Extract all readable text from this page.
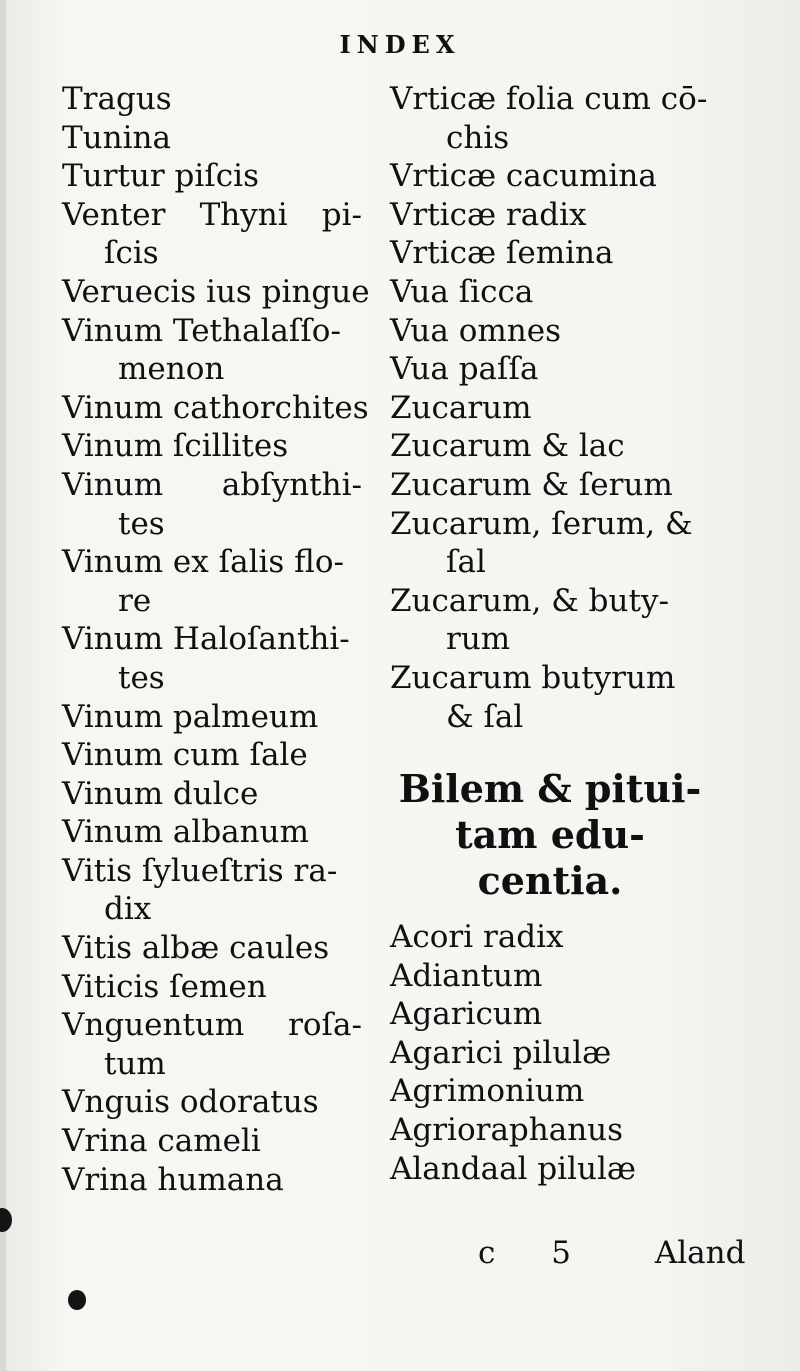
INDEX
Tragus
Tunina
Turtur piſcis
Venter Thyni pi-
ſcis
Veruecis ius pingue
Vinum Tethalaſſo-
menon
Vinum cathorchites
Vinum ſcillites
Vinum abſynthi-
tes
Vinum ex ſalis flo-
re
Vinum Haloſanthi-
tes
Vinum palmeum
Vinum cum ſale
Vinum dulce
Vinum albanum
Vitis ſylueſtris ra-
dix
Vitis albæ caules
Viticis ſemen
Vnguentum roſa-
tum
Vnguis odoratus
Vrina cameli
Vrina humana
Vrticæ folia cum cō-
chis
Vrticæ cacumina
Vrticæ radix
Vrticæ ſemina
Vua ſicca
Vua omnes
Vua paſſa
Zucarum
Zucarum & lac
Zucarum & ſerum
Zucarum, ſerum, &
ſal
Zucarum, & buty-
rum
Zucarum butyrum
& ſal
Bilem & pitui-
tam edu-
centia.
Acori radix
Adiantum
Agaricum
Agarici pilulæ
Agrimonium
Agrioraphanus
Alandaal pilulæ
c 5	Aland
